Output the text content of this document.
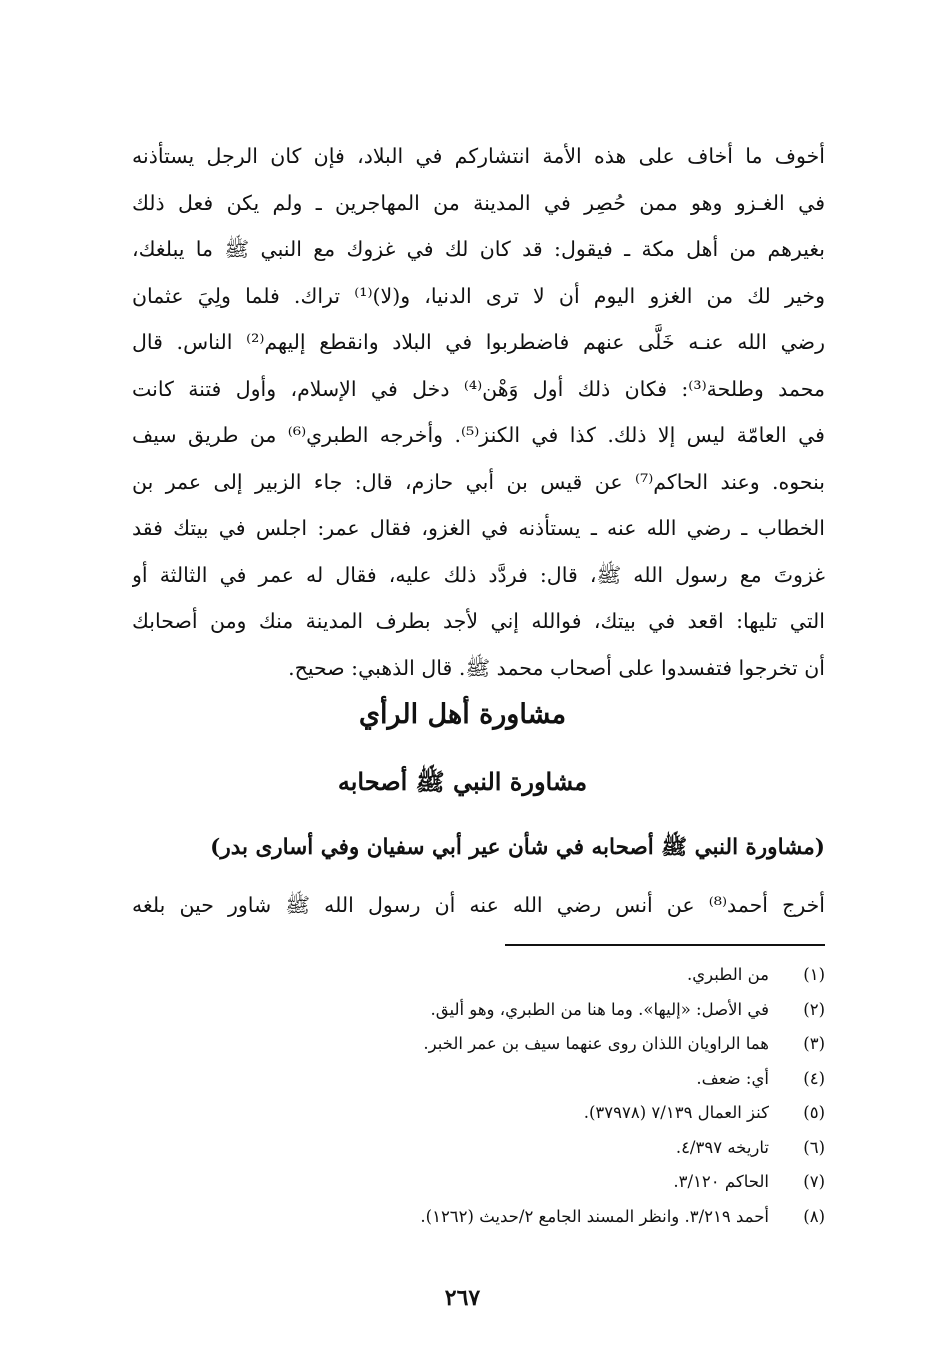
أخوف ما أخاف على هذه الأمة انتشاركم في البلاد، فإن كان الرجل يستأذنه
في الغـزو وهو ممن حُصِر في المدينة من المهاجرين ـ ولم يكن فعل ذلك
بغيرهم من أهل مكة ـ فيقول: قد كان لك في غزوك مع النبي ﷺ ما يبلغك،
وخير لك من الغزو اليوم أن لا ترى الدنيا، و(لا)⁽¹⁾ تراك. فلما ولِيَ عثمان
رضي الله عنـه خَلَّى عنهم فاضطربوا في البلاد وانقطع إليهم⁽²⁾ الناس. قال
محمد وطلحة⁽³⁾: فكان ذلك أول وَهْن⁽⁴⁾ دخل في الإسلام، وأول فتنة كانت
في العامّة ليس إلا ذلك. كذا في الكنز⁽⁵⁾. وأخرجه الطبري⁽⁶⁾ من طريق سيف
بنحوه. وعند الحاكم⁽⁷⁾ عن قيس بن أبي حازم، قال: جاء الزبير إلى عمر بن
الخطاب ـ رضي الله عنه ـ يستأذنه في الغزو، فقال عمر: اجلس في بيتك فقد
غزوتَ مع رسول الله ﷺ، قال: فردَّد ذلك عليه، فقال له عمر في الثالثة أو
التي تليها: اقعد في بيتك، فوالله إني لأجد بطرف المدينة منك ومن أصحابك
أن تخرجوا فتفسدوا على أصحاب محمد ﷺ. قال الذهبي: صحيح.
مشاورة أهل الرأي
مشاورة النبي ﷺ أصحابه
(مشاورة النبي ﷺ أصحابه في شأن عير أبي سفيان وفي أسارى بدر)
أخرج أحمد⁽⁸⁾ عن أنس رضي الله عنه أن رسول الله ﷺ شاور حين بلغه
(١)من الطبري.
(٢)في الأصل: «إليها». وما هنا من الطبري، وهو أليق.
(٣)هما الراويان اللذان روى عنهما سيف بن عمر الخبر.
(٤)أي: ضعف.
(٥)كنز العمال ٧/١٣٩ (٣٧٩٧٨).
(٦)تاريخه ٤/٣٩٧.
(٧)الحاكم ٣/١٢٠.
(٨)أحمد ٣/٢١٩. وانظر المسند الجامع ٢/حديث (١٢٦٢).
٢٦٧
